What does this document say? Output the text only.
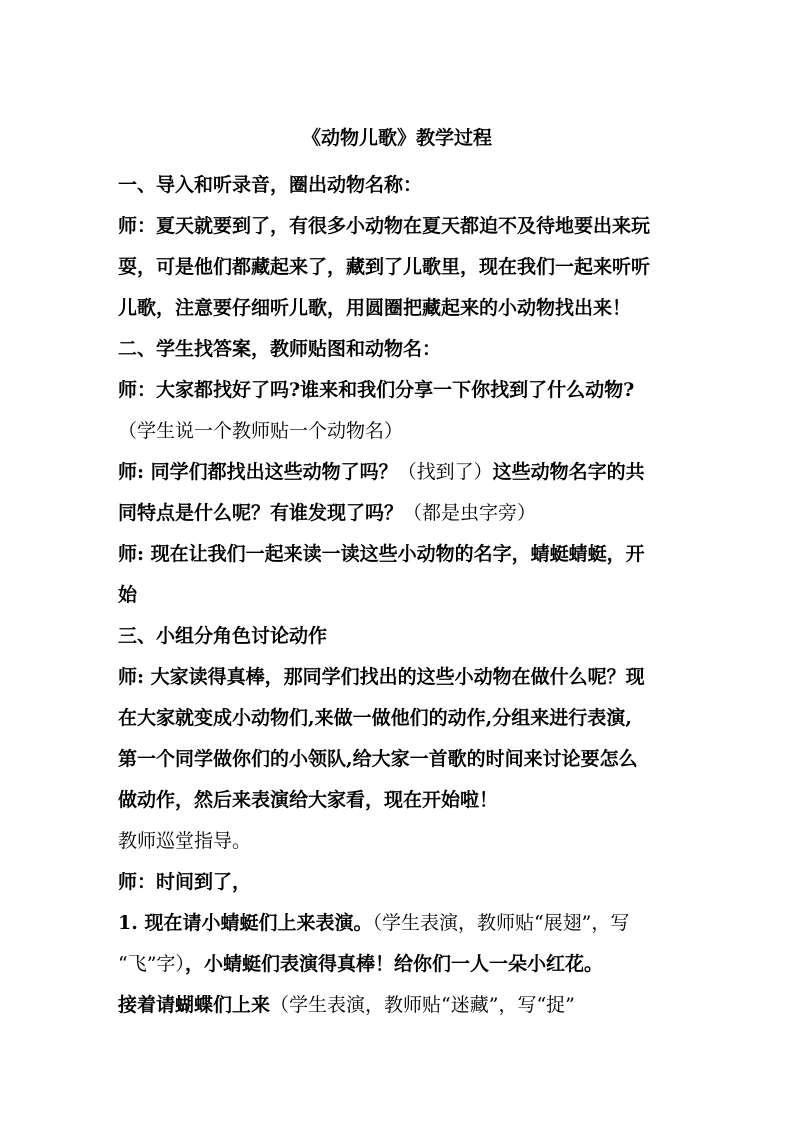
《动物儿歌》教学过程

一、导入和听录音，圈出动物名称：

师：夏天就要到了，有很多小动物在夏天都迫不及待地要出来玩

耍，可是他们都藏起来了，藏到了儿歌里，现在我们一起来听听

儿歌，注意要仔细听儿歌，用圆圈把藏起来的小动物找出来！

二、学生找答案，教师贴图和动物名：

师：大家都找好了吗?谁来和我们分享一下你找到了什么动物?

（学生说一个教师贴一个动物名）

师: 同学们都找出这些动物了吗？（找到了）这些动物名字的共

同特点是什么呢？有谁发现了吗？（都是虫字旁）

师: 现在让我们一起来读一读这些小动物的名字，蜻蜓蜻蜓，开

始

三、小组分角色讨论动作

师: 大家读得真棒，那同学们找出的这些小动物在做什么呢？现

在大家就变成小动物们,来做一做他们的动作,分组来进行表演,

第一个同学做你们的小领队,给大家一首歌的时间来讨论要怎么

做动作，然后来表演给大家看，现在开始啦！

教师巡堂指导。

师：时间到了，

1. 现在请小蜻蜓们上来表演。（学生表演，教师贴“展翅”，写

“飞”字），小蜻蜓们表演得真棒！给你们一人一朵小红花。

接着请蝴蝶们上来（学生表演，教师贴“迷藏”，写“捉”
